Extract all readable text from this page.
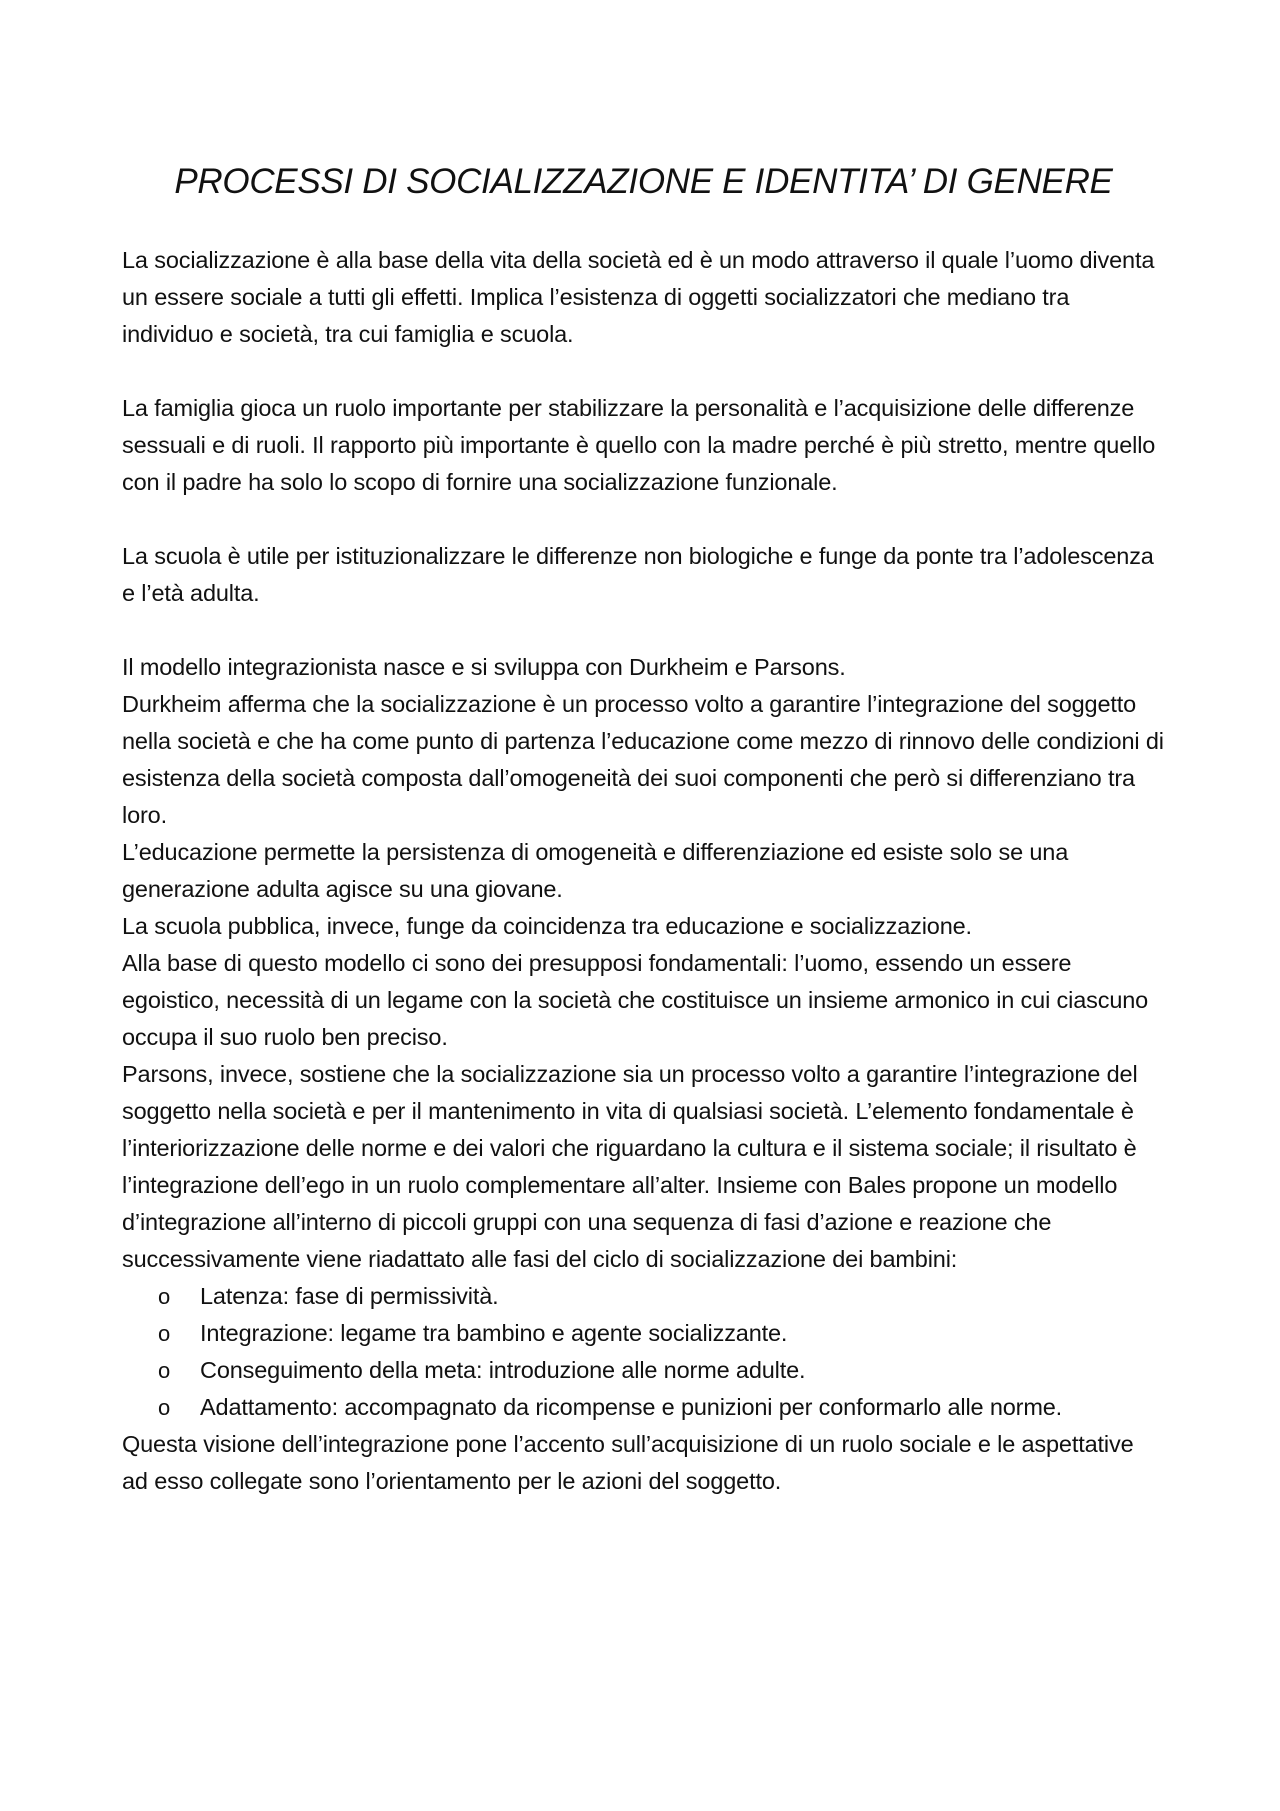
PROCESSI DI SOCIALIZZAZIONE E IDENTITA’ DI GENERE

La socializzazione è alla base della vita della società ed è un modo attraverso il quale l’uomo diventa un essere sociale a tutti gli effetti. Implica l’esistenza di oggetti socializzatori che mediano tra individuo e società, tra cui famiglia e scuola.

La famiglia gioca un ruolo importante per stabilizzare la personalità e l’acquisizione delle differenze sessuali e di ruoli. Il rapporto più importante è quello con la madre perché è più stretto, mentre quello con il padre ha solo lo scopo di fornire una socializzazione funzionale.

La scuola è utile per istituzionalizzare le differenze non biologiche e funge da ponte tra l’adolescenza e l’età adulta.

Il modello integrazionista nasce e si sviluppa con Durkheim e Parsons.

Durkheim afferma che la socializzazione è un processo volto a garantire l’integrazione del soggetto nella società e che ha come punto di partenza l’educazione come mezzo di rinnovo delle condizioni di esistenza della società composta dall’omogeneità dei suoi componenti che però si differenziano tra loro.

L’educazione permette la persistenza di omogeneità e differenziazione ed esiste solo se una generazione adulta agisce su una giovane.

La scuola pubblica, invece, funge da coincidenza tra educazione e socializzazione.

Alla base di questo modello ci sono dei presupposi fondamentali: l’uomo, essendo un essere egoistico, necessità di un legame con la società che costituisce un insieme armonico in cui ciascuno occupa il suo ruolo ben preciso.

Parsons, invece, sostiene che la socializzazione sia un processo volto a garantire l’integrazione del soggetto nella società e per il mantenimento in vita di qualsiasi società. L’elemento fondamentale è l’interiorizzazione delle norme e dei valori che riguardano la cultura e il sistema sociale; il risultato è l’integrazione dell’ego in un ruolo complementare all’alter. Insieme con Bales propone un modello d’integrazione all’interno di piccoli gruppi con una sequenza di fasi d’azione e reazione che successivamente viene riadattato alle fasi del ciclo di socializzazione dei bambini:

o Latenza: fase di permissività.
o Integrazione: legame tra bambino e agente socializzante.
o Conseguimento della meta: introduzione alle norme adulte.
o Adattamento: accompagnato da ricompense e punizioni per conformarlo alle norme.

Questa visione dell’integrazione pone l’accento sull’acquisizione di un ruolo sociale e le aspettative ad esso collegate sono l’orientamento per le azioni del soggetto.
